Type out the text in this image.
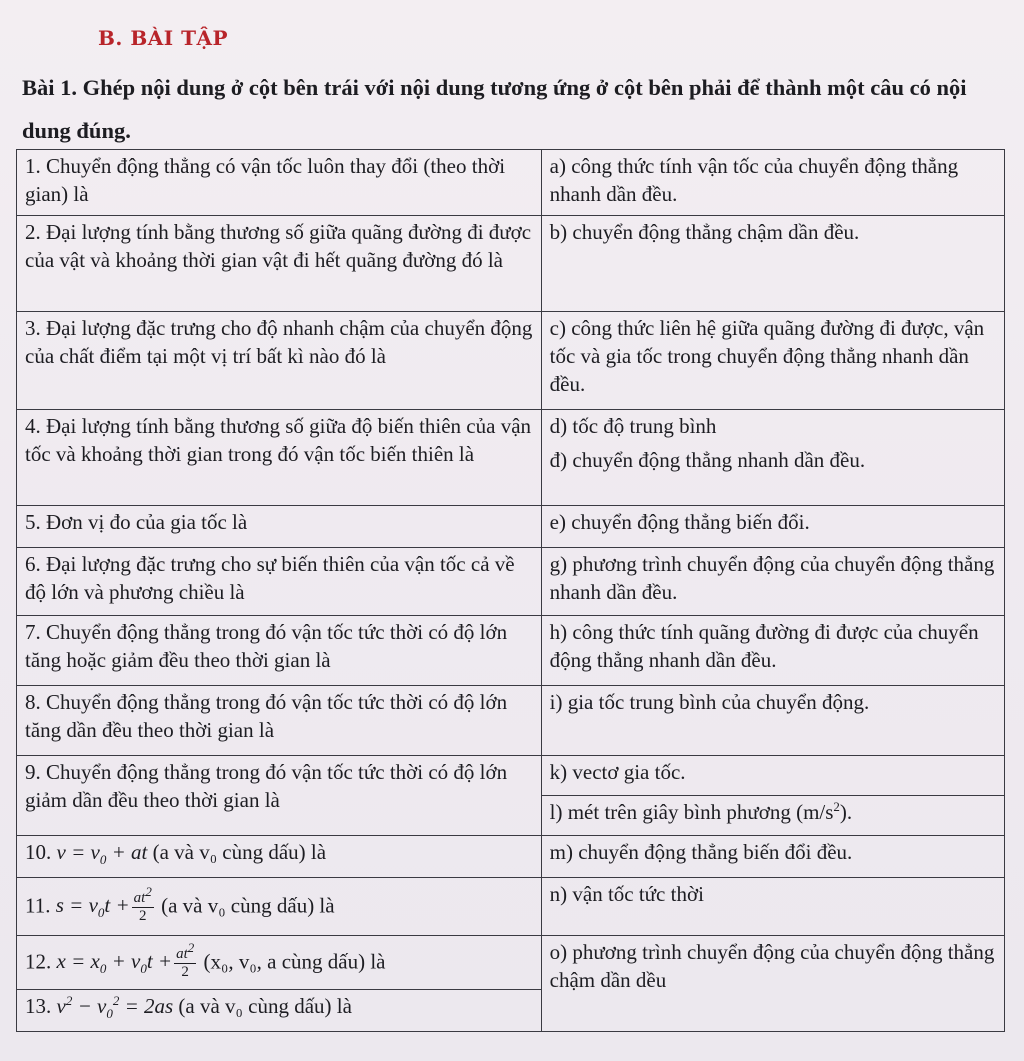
B. BÀI TẬP
Bài 1. Ghép nội dung ở cột bên trái với nội dung tương ứng ở cột bên phải để thành một câu có nội dung đúng.
1. Chuyển động thẳng có vận tốc luôn thay đổi (theo thời gian) là	a) công thức tính vận tốc của chuyển động thẳng nhanh dần đều.
2. Đại lượng tính bằng thương số giữa quãng đường đi được của vật và khoảng thời gian vật đi hết quãng đường đó là	b) chuyển động thẳng chậm dần đều.
3. Đại lượng đặc trưng cho độ nhanh chậm của chuyển động của chất điểm tại một vị trí bất kì nào đó là	c) công thức liên hệ giữa quãng đường đi được, vận tốc và gia tốc trong chuyển động thẳng nhanh dần đều.
4. Đại lượng tính bằng thương số giữa độ biến thiên của vận tốc và khoảng thời gian trong đó vận tốc biến thiên là	d) tốc độ trung bình
đ) chuyển động thẳng nhanh dần đều.

5. Đơn vị đo của gia tốc là	e) chuyển động thẳng biến đổi.
6. Đại lượng đặc trưng cho sự biến thiên của vận tốc cả về độ lớn và phương chiều là	g) phương trình chuyển động của chuyển động thẳng nhanh dần đều.
7. Chuyển động thẳng trong đó vận tốc tức thời có độ lớn tăng hoặc giảm đều theo thời gian là	h) công thức tính quãng đường đi được của chuyển động thẳng nhanh dần đều.
8. Chuyển động thẳng trong đó vận tốc tức thời có độ lớn tăng dần đều theo thời gian là	i) gia tốc trung bình của chuyển động.
9. Chuyển động thẳng trong đó vận tốc tức thời có độ lớn giảm dần đều theo thời gian là	k) vectơ gia tốc.
	l) mét trên giây bình phương $(m/s^2)$.
10. $v = v_0$ + at (a và v₀ cùng dấu) là	m) chuyển động thẳng biến đổi đều.
11. $s = v_0t + \frac{at^2}{2} (a$ và v₀ cùng dấu) là	n) vận tốc tức thời
12. $x = x_0 + v_0t + \frac{at^2}{2} (x_0$, v₀, a cùng dấu) là	o) phương trình chuyển động của chuyển động thẳng chậm dần dều
13. $v^2 - v_0^2 = 2as$ (a và v₀ cùng dấu) là	
